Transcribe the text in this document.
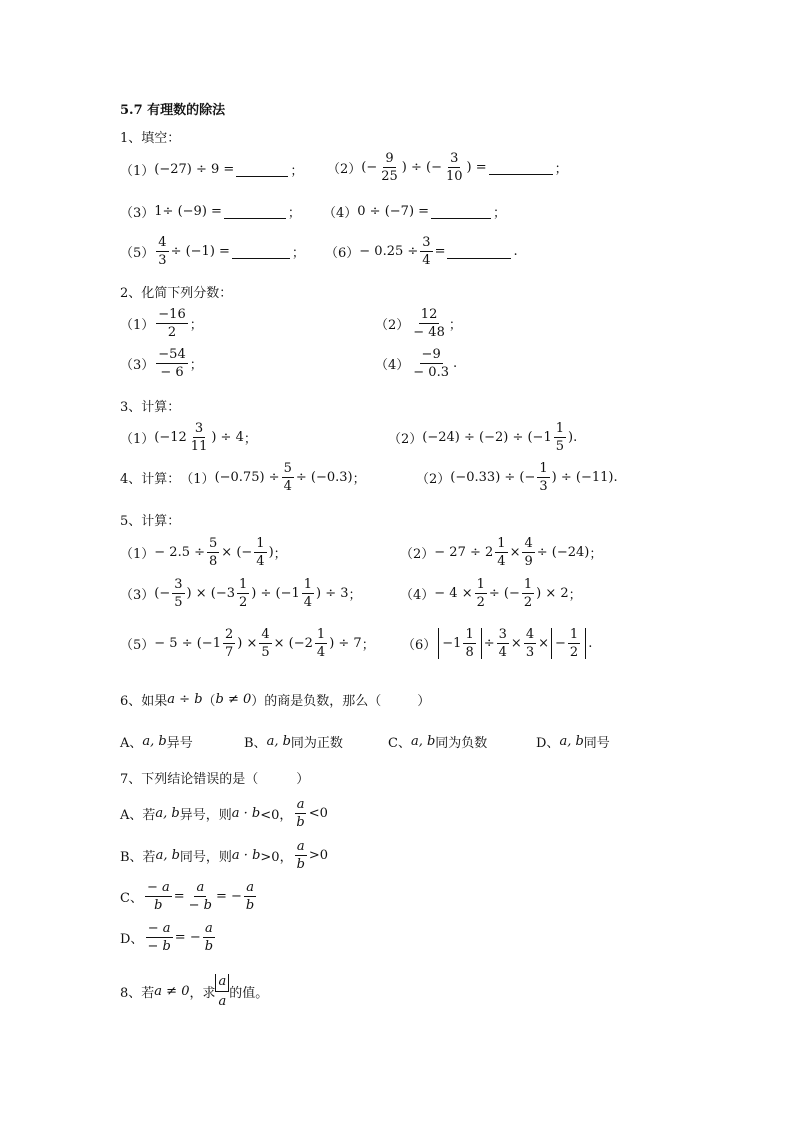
5.7 有理数的除法
1、填空：
（1） (−27) ÷ 9 =	； （2） (− $\frac{9}{25}$ ) ÷ (− $\frac{3}{10}$ ) =	；
（3） 1÷ (−9) =	； （4） 0 ÷ (−7) =	；
$(5) \frac{4}{3} \div (-1)$ =	； $(6) - 0.25 \div \frac{3}{4}$ =	.
2、化简下列分数：
$(1) \frac{-16}{2}$ ；	$(2) \frac{12}{- 48}$ ；
$(3) \frac{-54}{- 6}$ ；	$(4) \frac{-9}{- 0.3}$ .
3、计算：
（1） ($-12 \frac{3}{11}$ ) ÷ 4 ；	（2） $(-24) \div (-2) \div (-1 \frac{1}{5}$ ) .
4、计算： （1） $(-0.75) \div \frac{5}{4} \div (-0.3)$ ；	（2） (−0.33) ÷ (− $\frac{1}{3}$ ) ÷ (−11) .
5、计算：
$(1) - 2.5 \div \frac{5}{8}$ × (− $\frac{1}{4}$ ) ；	$(2) - 27 \div 2 \frac{1}{4} \times \frac{4}{9} \div (-24)$ ；
（3） (− $\frac{3}{5}$ ) × ($-3 \frac{1}{2}$ ) ÷ ($-1 \frac{1}{4}$ ) ÷ 3 ；	$(4) - 4 \times \frac{1}{2}$ ÷ (− $\frac{1}{2}$ ) × 2 ；
$(5) - 5 \div (-1 \frac{2}{7}$ ) × $\frac{4}{5} \times (-2 \frac{1}{4}$ ) ÷ 7 ； $(6) -1 \frac{1}{8} \div \frac{3}{4} \times \frac{4}{3}$ × − $\frac{1}{2}$ .
6、如果 a ÷ b （ b ≠ 0 ）的商是负数，那么（	）
A、 a, b 异号	B、 a, b 同为正数	C、 a, b 同为负数	D、 a, b 同号
7、下列结论错误的是（	）
A、若 a, b 异号，则 a · b <0， $\frac{a}{b} <0$
B、若 a, b 同号，则 a · b >0， $\frac{a}{b} >0$
C、 $\frac{- a}{b} = \frac{a}{- b}$ = − $\frac{a}{b}$
D、 $\frac{- a}{- b}$ = − $\frac{a}{b}$
8、若 a ≠ 0 ，求
a
a
的值。
